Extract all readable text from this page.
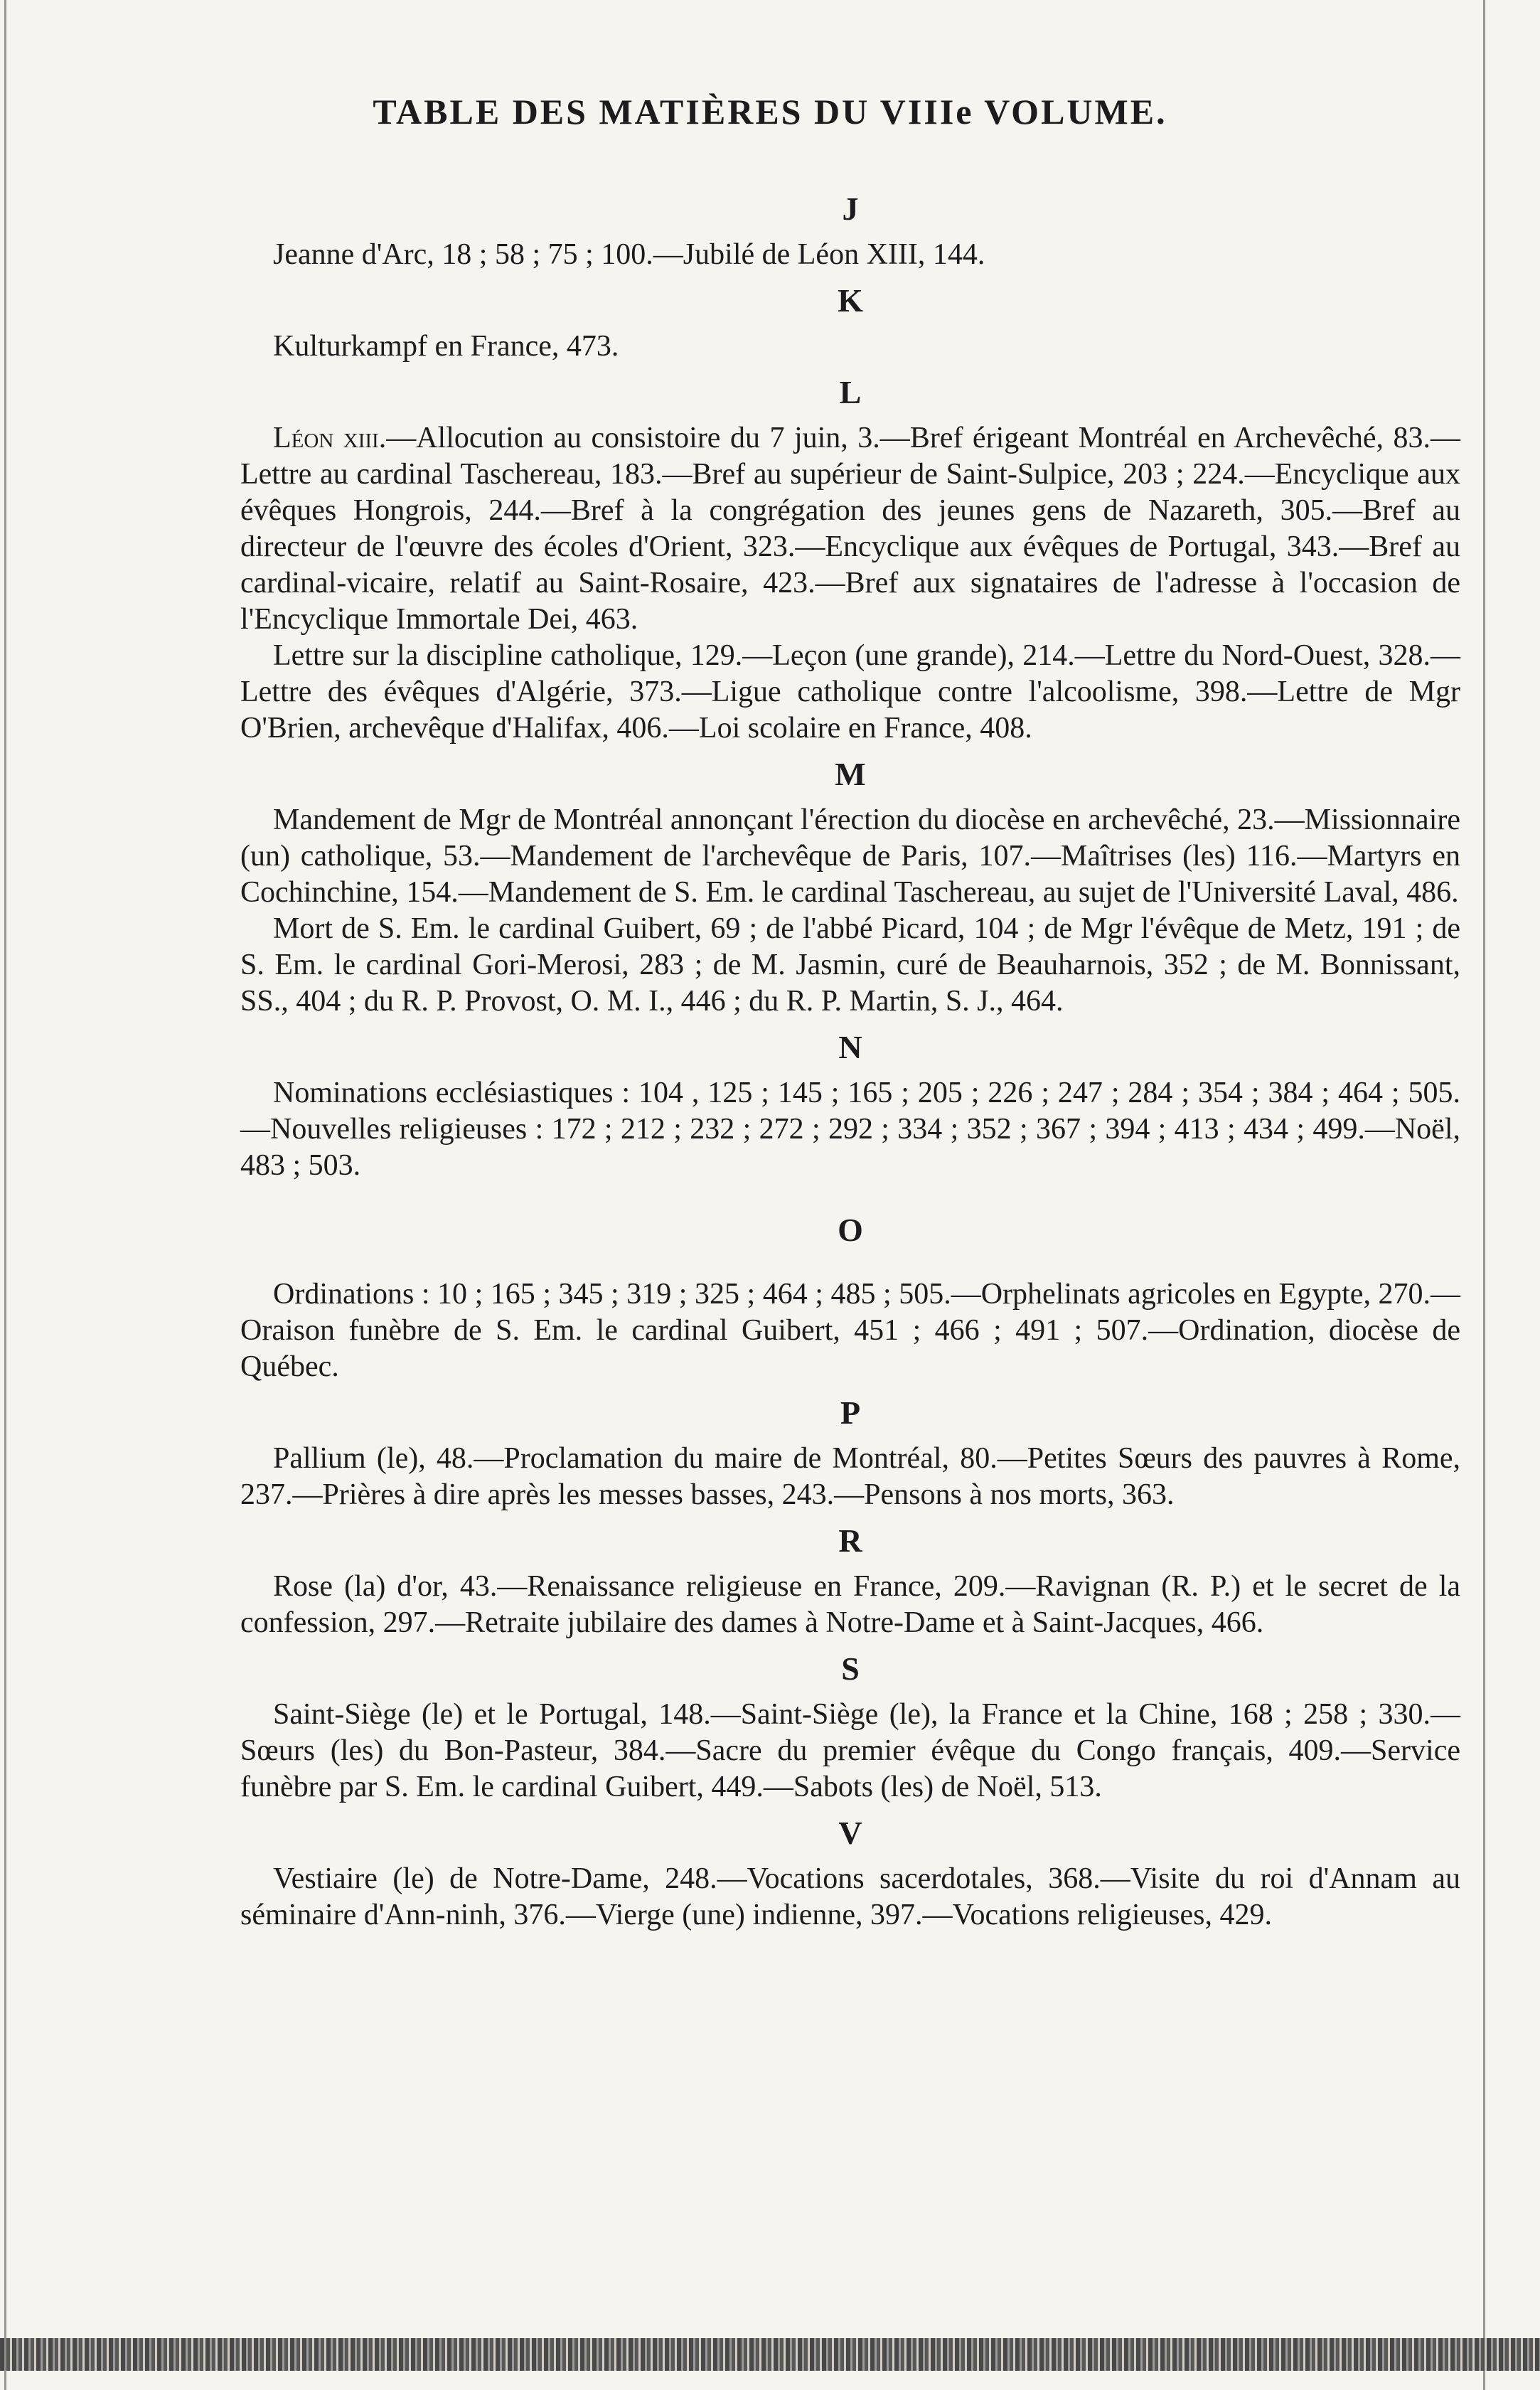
TABLE DES MATIÈRES DU VIIIe VOLUME.
J

Jeanne d'Arc, 18 ; 58 ; 75 ; 100.—Jubilé de Léon XIII, 144.

K

Kulturkampf en France, 473.

L

Léon xiii.—Allocution au consistoire du 7 juin, 3.—Bref érigeant Montréal en Archevêché, 83.—Lettre au cardinal Taschereau, 183.—Bref au supérieur de Saint-Sulpice, 203 ; 224.—Encyclique aux évêques Hongrois, 244.—Bref à la congrégation des jeunes gens de Nazareth, 305.—Bref au directeur de l'œuvre des écoles d'Orient, 323.—Encyclique aux évêques de Portugal, 343.—Bref au cardinal-vicaire, relatif au Saint-Rosaire, 423.—Bref aux signataires de l'adresse à l'occasion de l'Encyclique Immortale Dei, 463.

Lettre sur la discipline catholique, 129.—Leçon (une grande), 214.—Lettre du Nord-Ouest, 328.—Lettre des évêques d'Algérie, 373.—Ligue catholique contre l'alcoolisme, 398.—Lettre de Mgr O'Brien, archevêque d'Halifax, 406.—Loi scolaire en France, 408.

M

Mandement de Mgr de Montréal annonçant l'érection du diocèse en archevêché, 23.—Missionnaire (un) catholique, 53.—Mandement de l'archevêque de Paris, 107.—Maîtrises (les) 116.—Martyrs en Cochinchine, 154.—Mandement de S. Em. le cardinal Taschereau, au sujet de l'Université Laval, 486.

Mort de S. Em. le cardinal Guibert, 69 ; de l'abbé Picard, 104 ; de Mgr l'évêque de Metz, 191 ; de S. Em. le cardinal Gori-Merosi, 283 ; de M. Jasmin, curé de Beauharnois, 352 ; de M. Bonnissant, SS., 404 ; du R. P. Provost, O. M. I., 446 ; du R. P. Martin, S. J., 464.

N

Nominations ecclésiastiques : 104 , 125 ; 145 ; 165 ; 205 ; 226 ; 247 ; 284 ; 354 ; 384 ; 464 ; 505.—Nouvelles religieuses : 172 ; 212 ; 232 ; 272 ; 292 ; 334 ; 352 ; 367 ; 394 ; 413 ; 434 ; 499.—Noël, 483 ; 503.

O

Ordinations : 10 ; 165 ; 345 ; 319 ; 325 ; 464 ; 485 ; 505.—Orphelinats agricoles en Egypte, 270.—Oraison funèbre de S. Em. le cardinal Guibert, 451 ; 466 ; 491 ; 507.—Ordination, diocèse de Québec.

P

Pallium (le), 48.—Proclamation du maire de Montréal, 80.—Petites Sœurs des pauvres à Rome, 237.—Prières à dire après les messes basses, 243.—Pensons à nos morts, 363.

R

Rose (la) d'or, 43.—Renaissance religieuse en France, 209.—Ravignan (R. P.) et le secret de la confession, 297.—Retraite jubilaire des dames à Notre-Dame et à Saint-Jacques, 466.

S

Saint-Siège (le) et le Portugal, 148.—Saint-Siège (le), la France et la Chine, 168 ; 258 ; 330.—Sœurs (les) du Bon-Pasteur, 384.—Sacre du premier évêque du Congo français, 409.—Service funèbre par S. Em. le cardinal Guibert, 449.—Sabots (les) de Noël, 513.

V

Vestiaire (le) de Notre-Dame, 248.—Vocations sacerdotales, 368.—Visite du roi d'Annam au séminaire d'Ann-ninh, 376.—Vierge (une) indienne, 397.—Vocations religieuses, 429.
